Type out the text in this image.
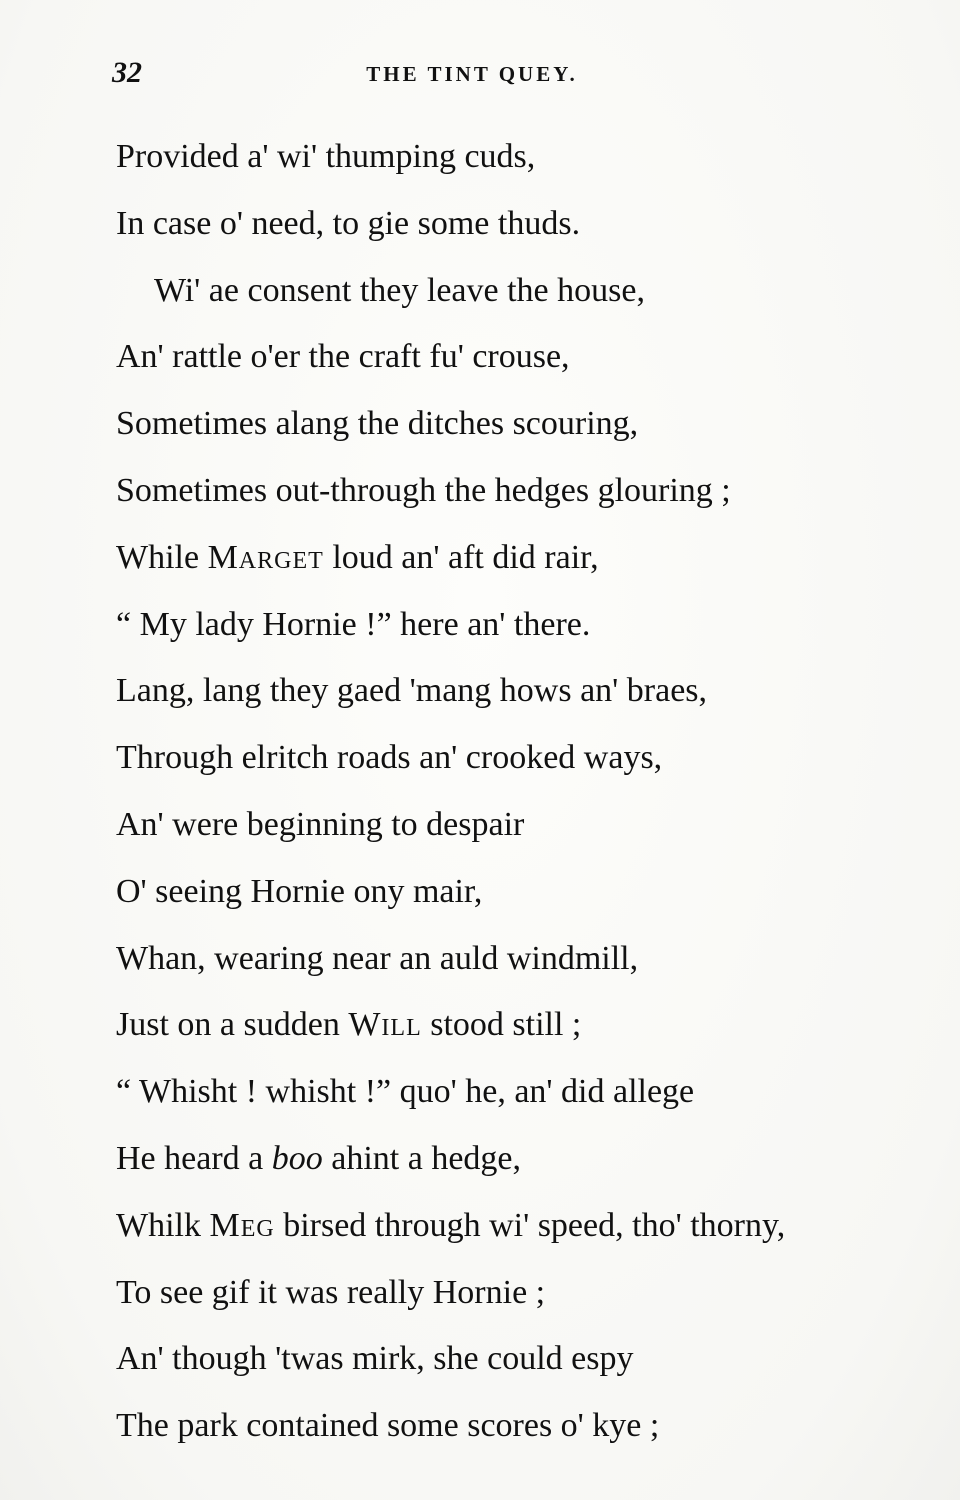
32	THE TINT QUEY.
Provided a' wi' thumping cuds,
In case o' need, to gie some thuds.
Wi' ae consent they leave the house,
An' rattle o'er the craft fu' crouse,
Sometimes alang the ditches scouring,
Sometimes out-through the hedges glouring ;
While Marget loud an' aft did rair,
“ My lady Hornie !” here an' there.
Lang, lang they gaed 'mang hows an' braes,
Through elritch roads an' crooked ways,
An' were beginning to despair
O' seeing Hornie ony mair,
Whan, wearing near an auld windmill,
Just on a sudden Will stood still ;
“ Whisht ! whisht !” quo' he, an' did allege
He heard a boo ahint a hedge,
Whilk Meg birsed through wi' speed, tho' thorny,
To see gif it was really Hornie ;
An' though 'twas mirk, she could espy
The park contained some scores o' kye ;
